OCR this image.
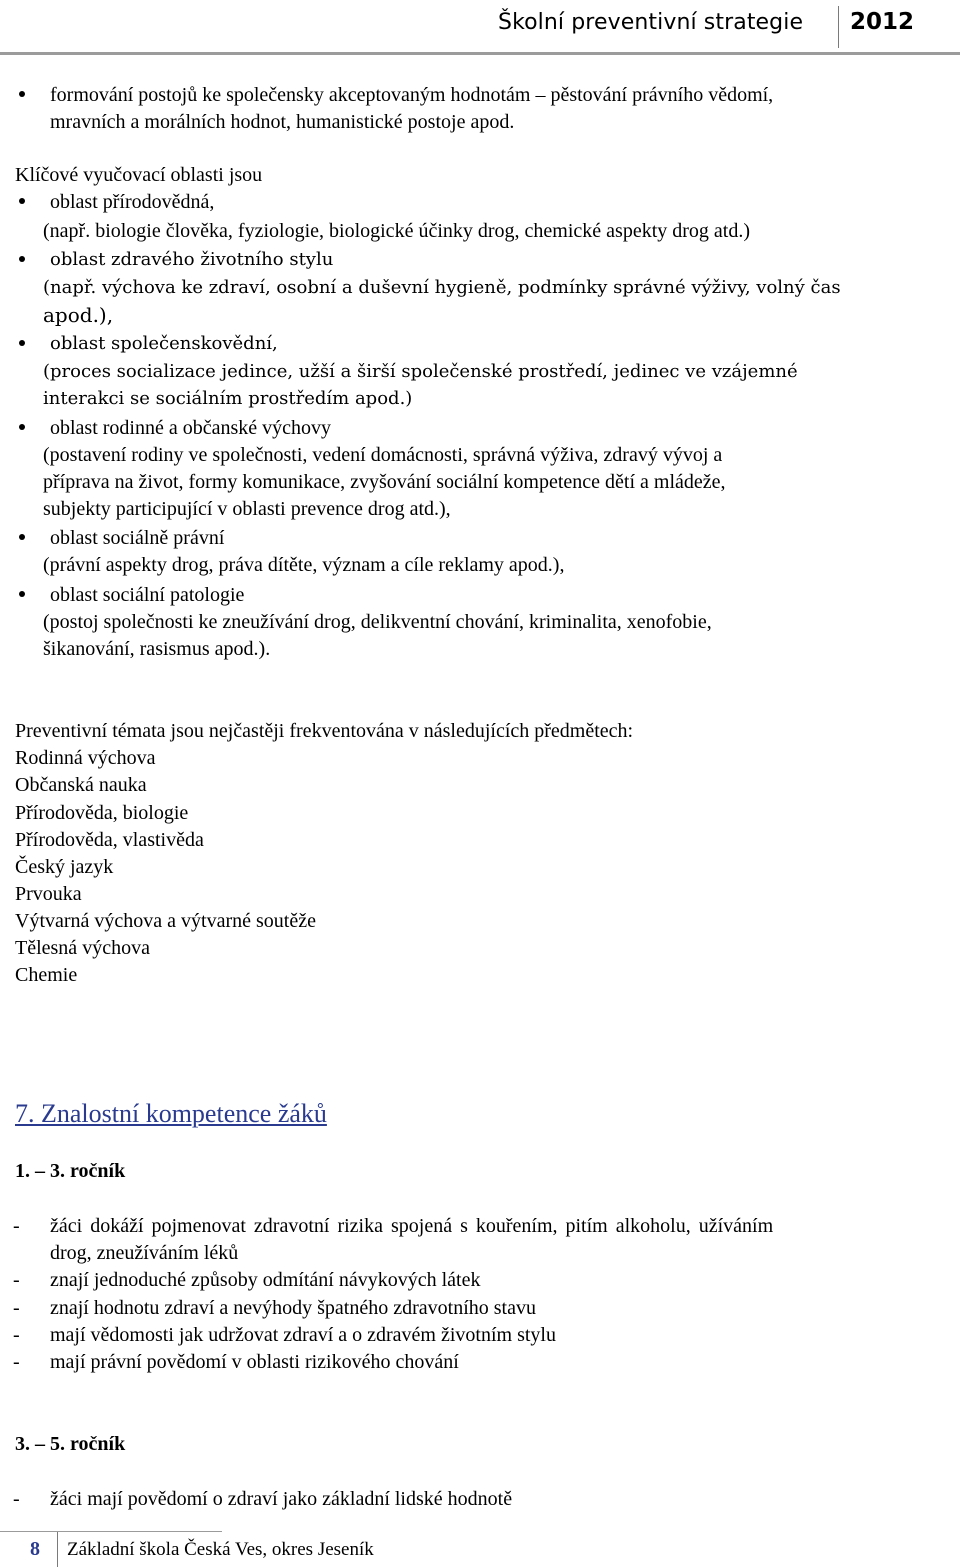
Školní preventivní strategie 2012
formování postojů ke společensky akceptovaným hodnotám – pěstování právního vědomí,
mravních a morálních hodnot, humanistické postoje apod.
Klíčové vyučovací oblasti jsou
oblast přírodovědná,
(např. biologie člověka, fyziologie, biologické účinky drog, chemické aspekty drog atd.)
oblast zdravého životního stylu
(např. výchova ke zdraví, osobní a duševní hygieně, podmínky správné výživy, volný čas
apod.),
oblast společenskovědní,
(proces socializace jedince, užší a širší společenské prostředí, jedinec ve vzájemné
interakci se sociálním prostředím apod.)
oblast rodinné a občanské výchovy
(postavení rodiny ve společnosti, vedení domácnosti, správná výživa, zdravý vývoj a
příprava na život, formy komunikace, zvyšování sociální kompetence dětí a mládeže,
subjekty participující v oblasti prevence drog atd.),
oblast sociálně právní
(právní aspekty drog, práva dítěte, význam a cíle reklamy apod.),
oblast sociální patologie
(postoj společnosti ke zneužívání drog, delikventní chování, kriminalita, xenofobie,
šikanování, rasismus apod.).
Preventivní témata jsou nejčastěji frekventována v následujících předmětech:
Rodinná výchova
Občanská nauka
Přírodověda, biologie
Přírodověda, vlastivěda
Český jazyk
Prvouka
Výtvarná výchova a výtvarné soutěže
Tělesná výchova
Chemie
7. Znalostní kompetence žáků
1. – 3. ročník
- žáci dokáží pojmenovat zdravotní rizika spojená s kouřením, pitím alkoholu, užíváním
drog, zneužíváním léků
- znají jednoduché způsoby odmítání návykových látek
- znají hodnotu zdraví a nevýhody špatného zdravotního stavu
- mají vědomosti jak udržovat zdraví a o zdravém životním stylu
- mají právní povědomí v oblasti rizikového chování
3. – 5. ročník
- žáci mají povědomí o zdraví jako základní lidské hodnotě
8 Základní škola Česká Ves, okres Jeseník
